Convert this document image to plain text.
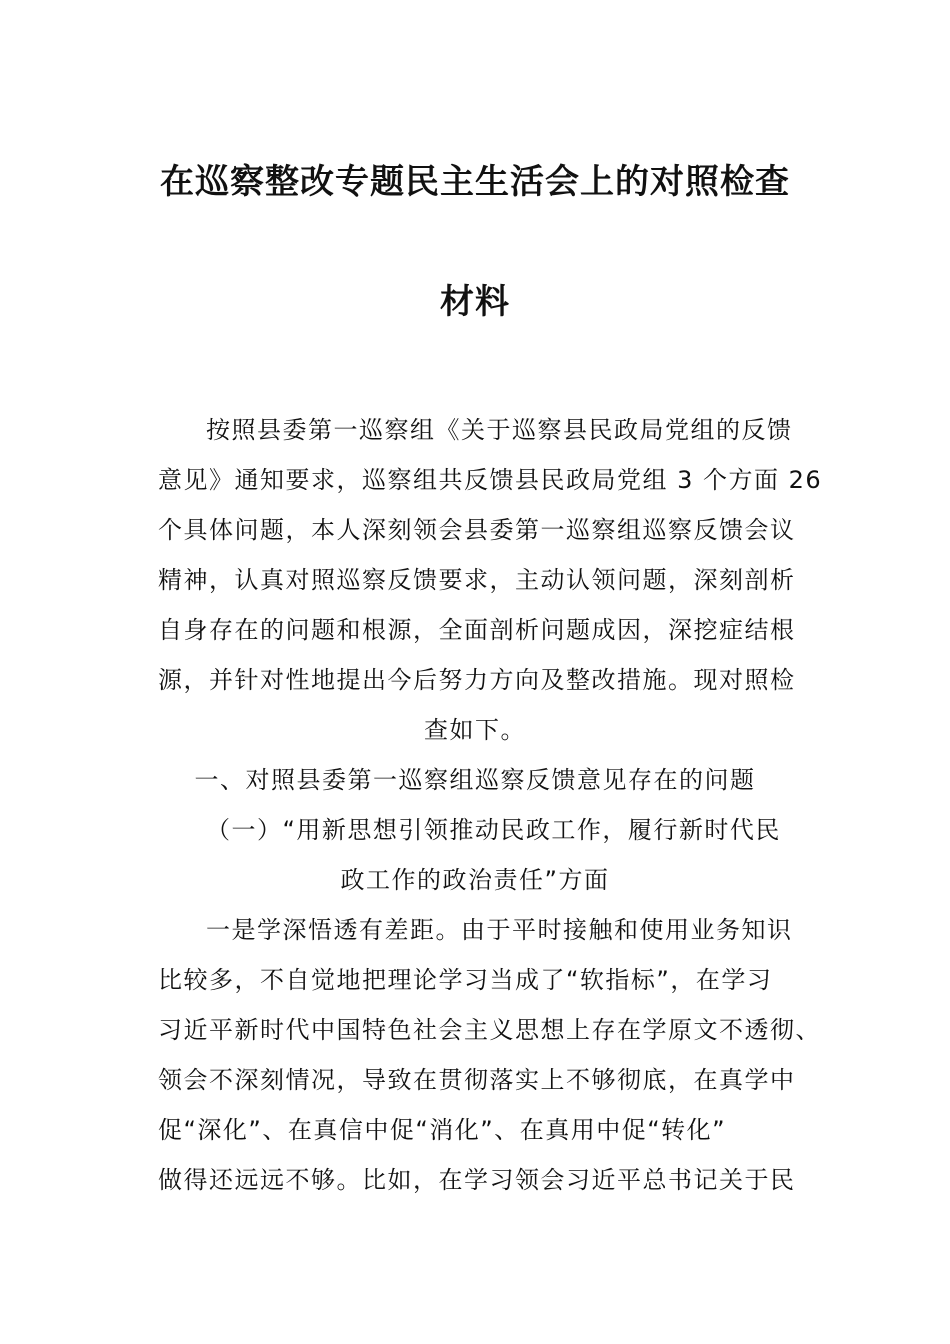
在巡察整改专题民主生活会上的对照检查
材料
按照县委第一巡察组《关于巡察县民政局党组的反馈
意见》通知要求，巡察组共反馈县民政局党组 3 个方面 26
个具体问题，本人深刻领会县委第一巡察组巡察反馈会议
精神，认真对照巡察反馈要求，主动认领问题，深刻剖析
自身存在的问题和根源，全面剖析问题成因，深挖症结根
源，并针对性地提出今后努力方向及整改措施。现对照检
查如下。
一、对照县委第一巡察组巡察反馈意见存在的问题
（一）“用新思想引领推动民政工作，履行新时代民
政工作的政治责任”方面
一是学深悟透有差距。由于平时接触和使用业务知识
比较多，不自觉地把理论学习当成了“软指标”，在学习
习近平新时代中国特色社会主义思想上存在学原文不透彻、
领会不深刻情况，导致在贯彻落实上不够彻底，在真学中
促“深化”、在真信中促“消化”、在真用中促“转化”
做得还远远不够。比如，在学习领会习近平总书记关于民
